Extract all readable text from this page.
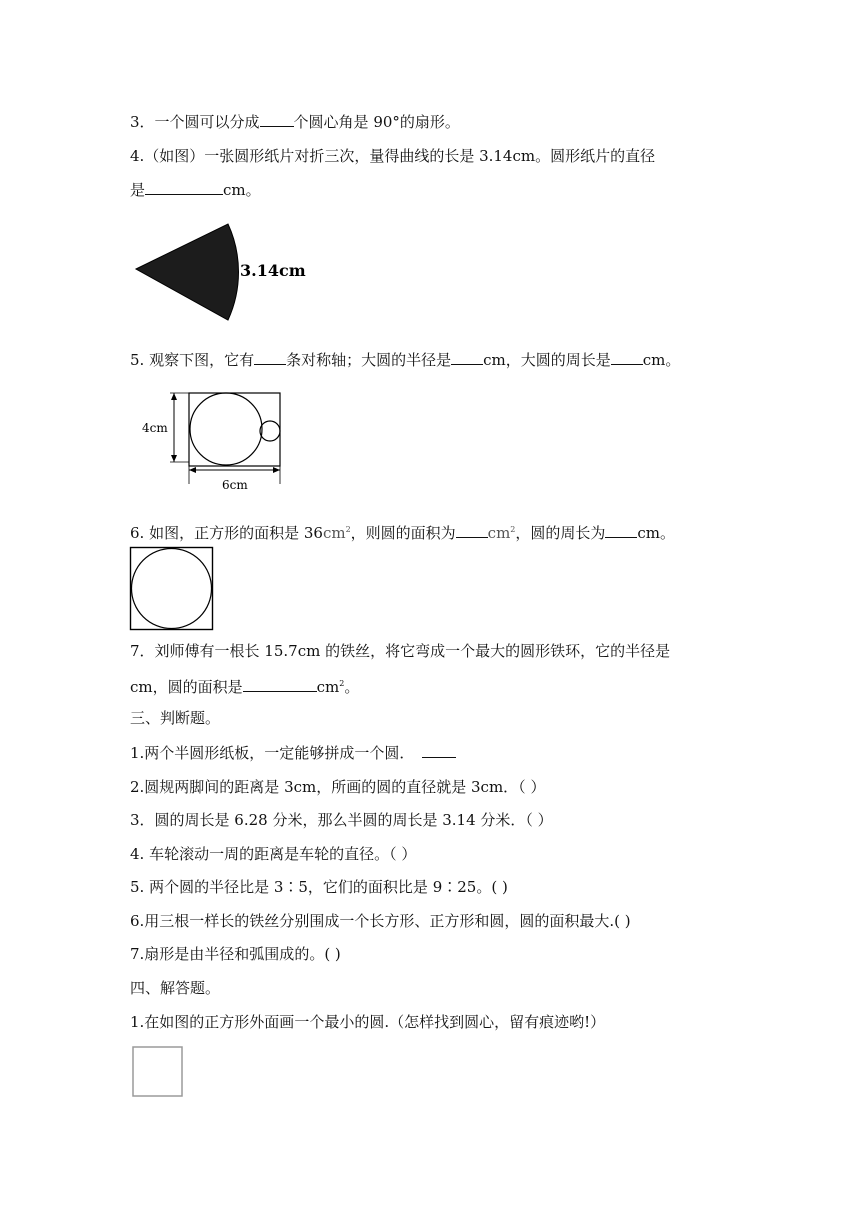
3．一个圆可以分成 个圆心角是 90°的扇形。
4.（如图）一张圆形纸片对折三次，量得曲线的长是 3.14cm。圆形纸片的直径
是	cm。
3.14cm
5. 观察下图，它有 条对称轴；大圆的半径是 cm，大圆的周长是 cm。
4cm
6cm
6. 如图，正方形的面积是 $36cm^2$，则圆的面积为 $cm^2$，圆的周长为 cm。
7．刘师傅有一根长 15.7cm 的铁丝，将它弯成一个最大的圆形铁环，它的半径是
cm，圆的面积是	$cm^2$。
三、判断题。
1.两个半圆形纸板，一定能够拼成一个圆．
2.圆规两脚间的距离是 3cm，所画的圆的直径就是 3cm．（ ）
3．圆的周长是 6.28 分米，那么半圆的周长是 3.14 分米．（ ）
4. 车轮滚动一周的距离是车轮的直径。（ ）
5. 两个圆的半径比是 3∶5，它们的面积比是 9∶25。( )
6.用三根一样长的铁丝分别围成一个长方形、正方形和圆，圆的面积最大.( )
7.扇形是由半径和弧围成的。( )
四、解答题。
1.在如图的正方形外面画一个最小的圆.（怎样找到圆心，留有痕迹哟!）
